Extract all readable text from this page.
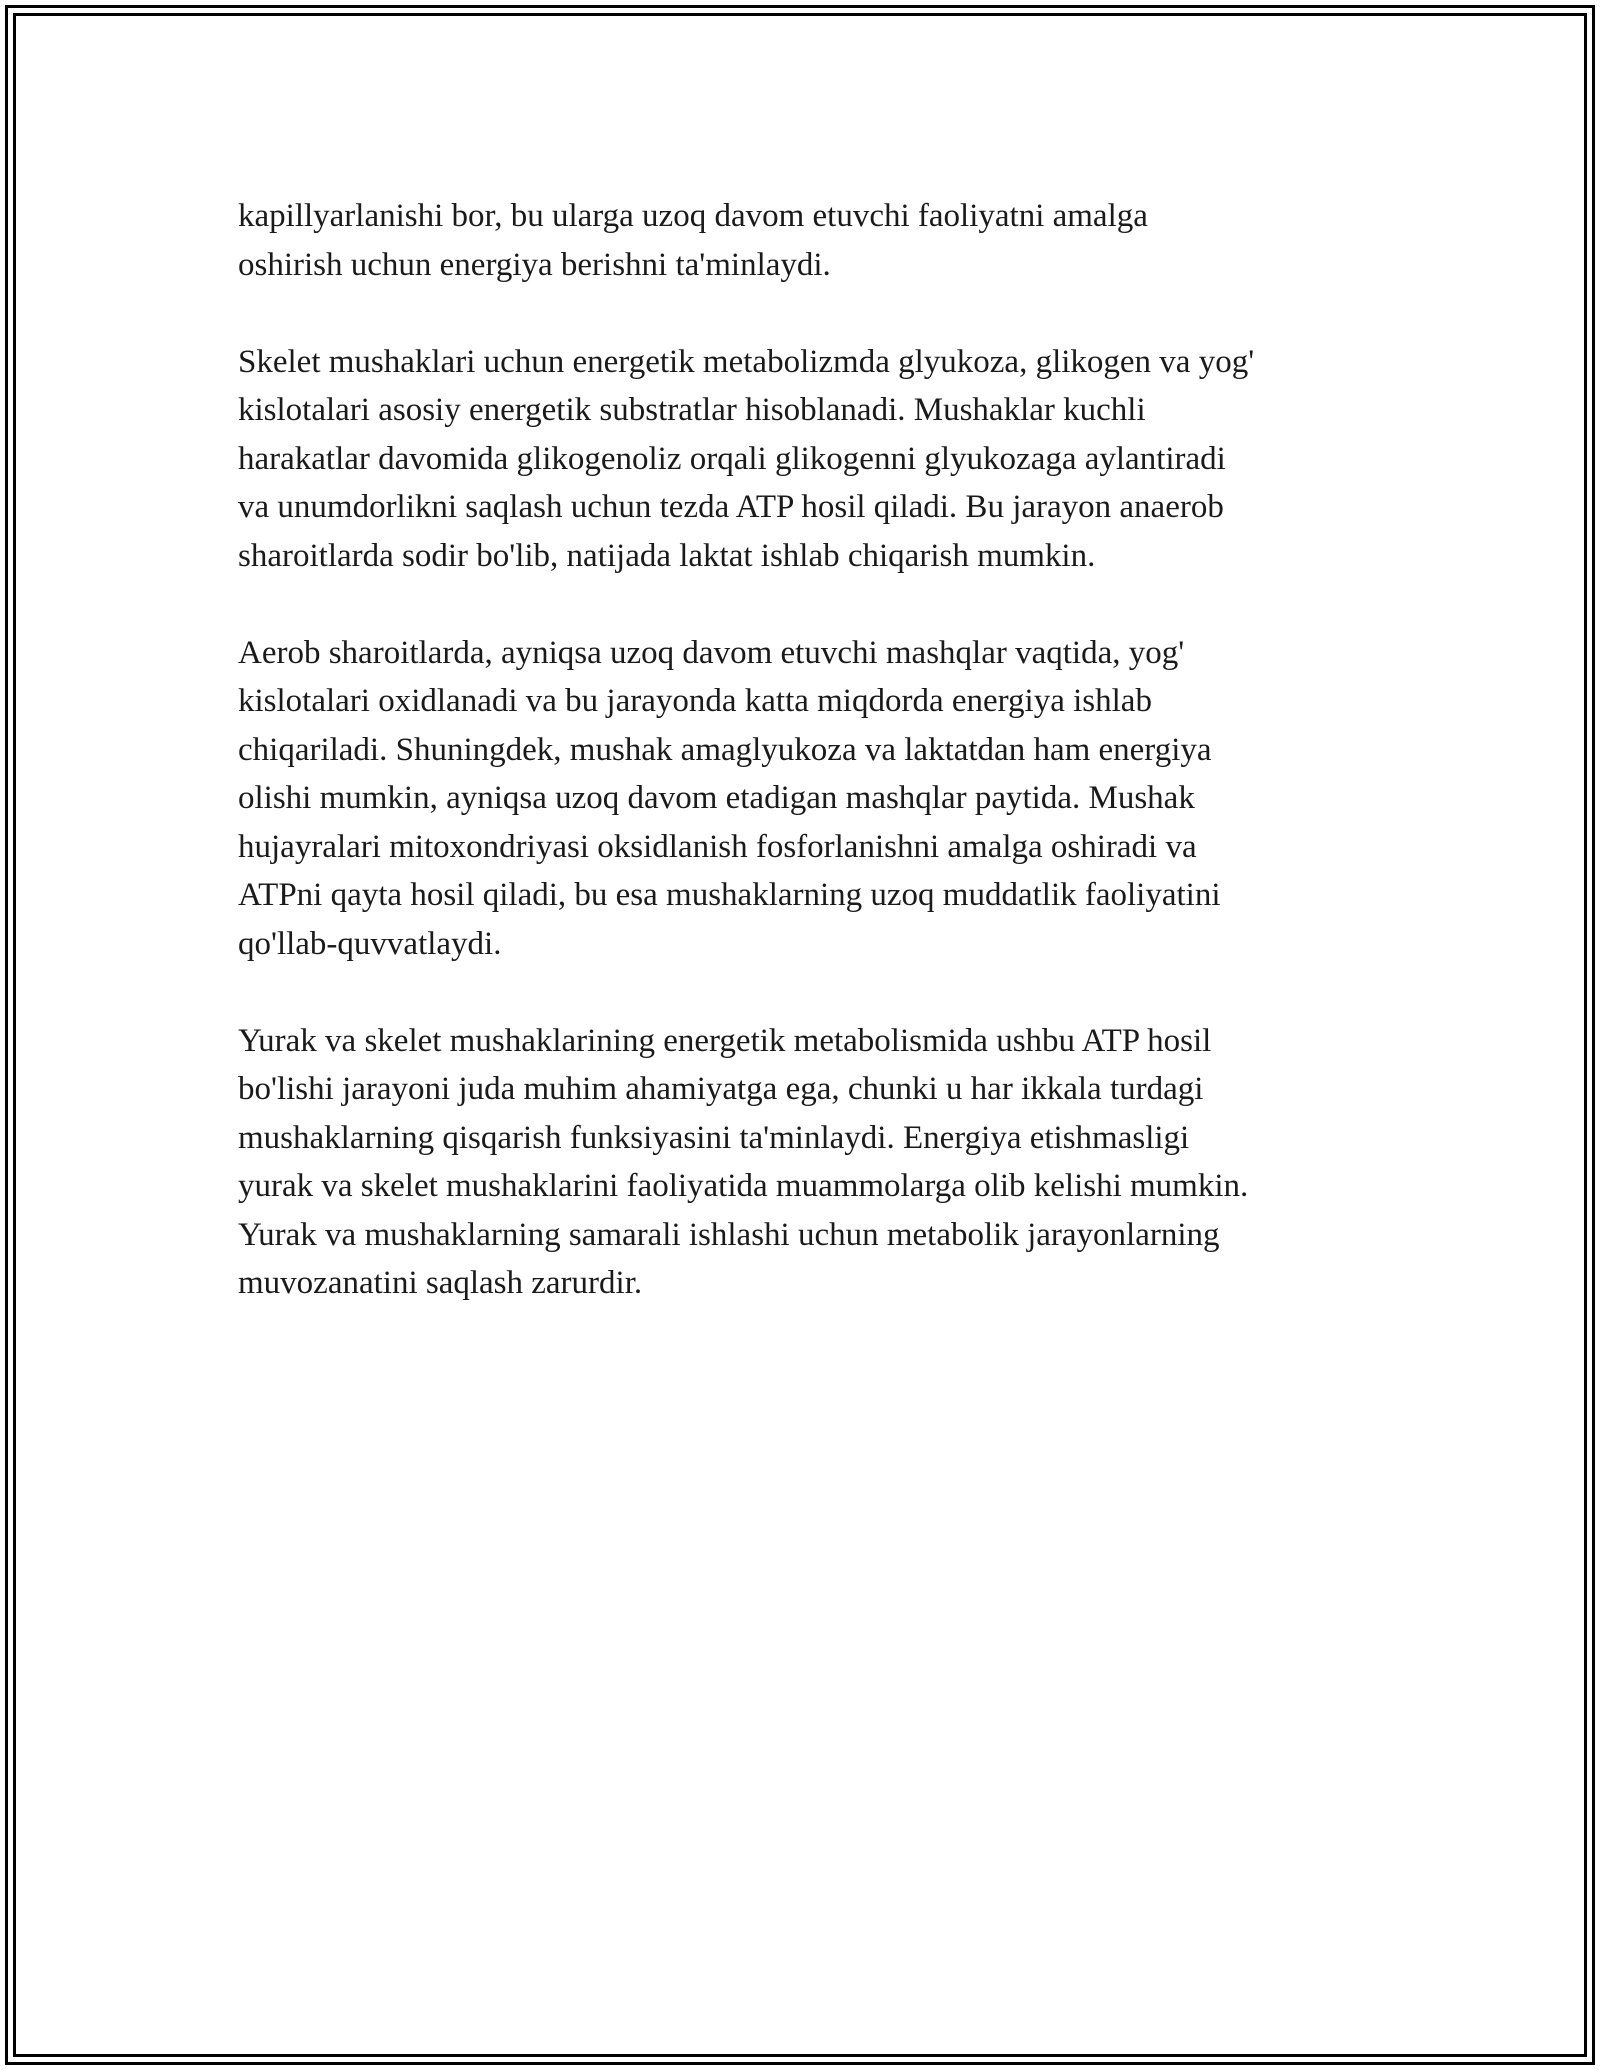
kapillyarlanishi bor, bu ularga uzoq davom etuvchi faoliyatni amalga
oshirish uchun energiya berishni ta'minlaydi.

Skelet mushaklari uchun energetik metabolizmda glyukoza, glikogen va yog'
kislotalari asosiy energetik substratlar hisoblanadi. Mushaklar kuchli
harakatlar davomida glikogenoliz orqali glikogenni glyukozaga aylantiradi
va unumdorlikni saqlash uchun tezda ATP hosil qiladi. Bu jarayon anaerob
sharoitlarda sodir bo'lib, natijada laktat ishlab chiqarish mumkin.

Aerob sharoitlarda, ayniqsa uzoq davom etuvchi mashqlar vaqtida, yog'
kislotalari oxidlanadi va bu jarayonda katta miqdorda energiya ishlab
chiqariladi. Shuningdek, mushak amaglyukoza va laktatdan ham energiya
olishi mumkin, ayniqsa uzoq davom etadigan mashqlar paytida. Mushak
hujayralari mitoxondriyasi oksidlanish fosforlanishni amalga oshiradi va
ATPni qayta hosil qiladi, bu esa mushaklarning uzoq muddatlik faoliyatini
qo'llab-quvvatlaydi.

Yurak va skelet mushaklarining energetik metabolismida ushbu ATP hosil
bo'lishi jarayoni juda muhim ahamiyatga ega, chunki u har ikkala turdagi
mushaklarning qisqarish funksiyasini ta'minlaydi. Energiya etishmasligi
yurak va skelet mushaklarini faoliyatida muammolarga olib kelishi mumkin.
Yurak va mushaklarning samarali ishlashi uchun metabolik jarayonlarning
muvozanatini saqlash zarurdir.
